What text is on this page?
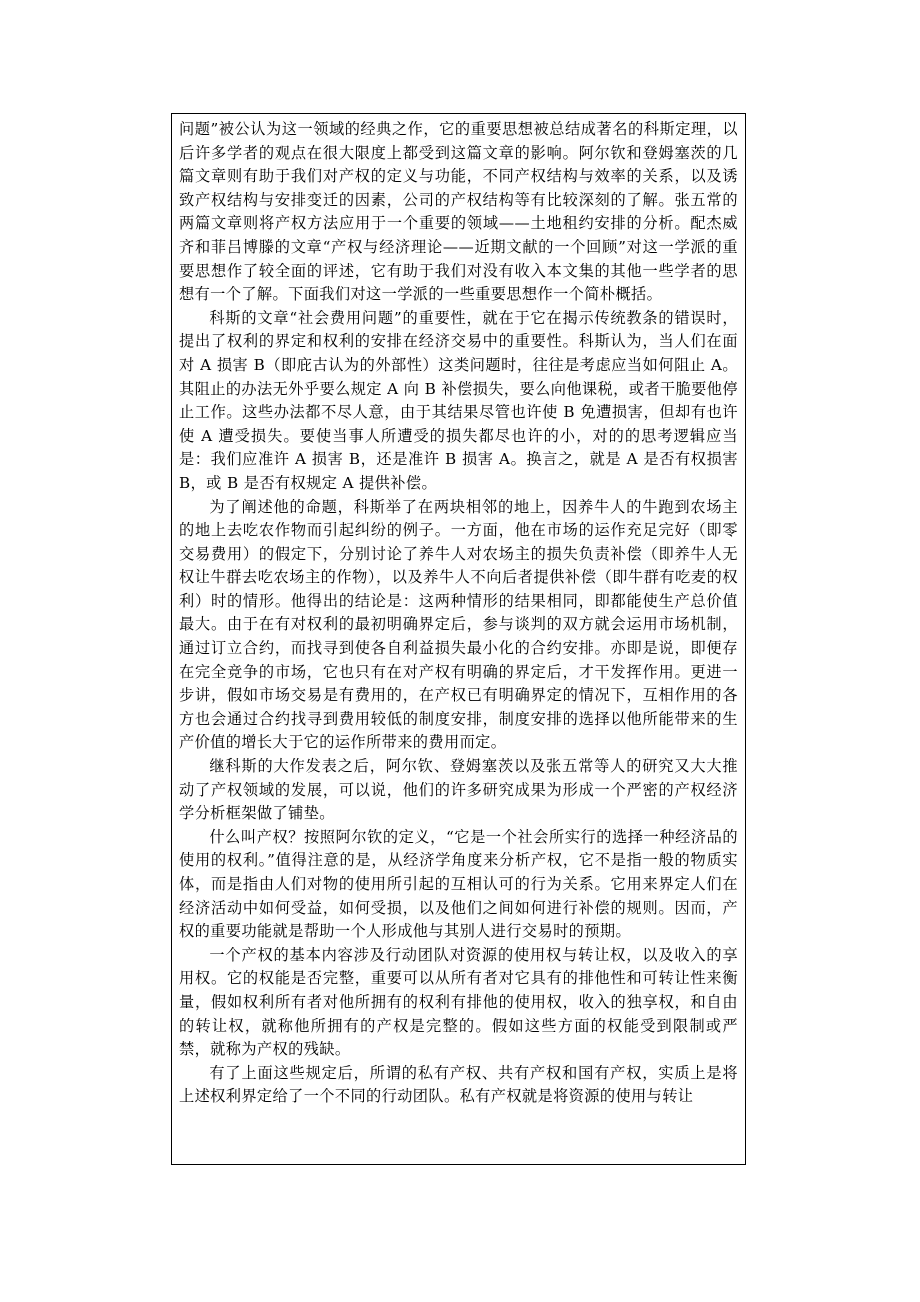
问题”被公认为这一领域的经典之作，它的重要思想被总结成著名的科斯定理，以后许多学者的观点在很大限度上都受到这篇文章的影响。阿尔钦和登姆塞茨的几篇文章则有助于我们对产权的定义与功能，不同产权结构与效率的关系，以及诱致产权结构与安排变迁的因素，公司的产权结构等有比较深刻的了解。张五常的两篇文章则将产权方法应用于一个重要的领域——土地租约安排的分析。配杰威齐和菲吕博滕的文章“产权与经济理论——近期文献的一个回顾”对这一学派的重要思想作了较全面的评述，它有助于我们对没有收入本文集的其他一些学者的思想有一个了解。下面我们对这一学派的一些重要思想作一个简朴概括。

科斯的文章“社会费用问题”的重要性，就在于它在揭示传统教条的错误时，提出了权利的界定和权利的安排在经济交易中的重要性。科斯认为，当人们在面对 A 损害 B（即庇古认为的外部性）这类问题时，往往是考虑应当如何阻止 A。其阻止的办法无外乎要么规定 A 向 B 补偿损失，要么向他课税，或者干脆要他停止工作。这些办法都不尽人意，由于其结果尽管也许使 B 免遭损害，但却有也许使 A 遭受损失。要使当事人所遭受的损失都尽也许的小，对的的思考逻辑应当是：我们应准许 A 损害 B，还是准许 B 损害 A。换言之，就是 A 是否有权损害 B，或 B 是否有权规定 A 提供补偿。

为了阐述他的命题，科斯举了在两块相邻的地上，因养牛人的牛跑到农场主的地上去吃农作物而引起纠纷的例子。一方面，他在市场的运作充足完好（即零交易费用）的假定下，分别讨论了养牛人对农场主的损失负责补偿（即养牛人无权让牛群去吃农场主的作物），以及养牛人不向后者提供补偿（即牛群有吃麦的权利）时的情形。他得出的结论是：这两种情形的结果相同，即都能使生产总价值最大。由于在有对权利的最初明确界定后，参与谈判的双方就会运用市场机制，通过订立合约，而找寻到使各自利益损失最小化的合约安排。亦即是说，即便存在完全竞争的市场，它也只有在对产权有明确的界定后，才干发挥作用。更进一步讲，假如市场交易是有费用的，在产权已有明确界定的情况下，互相作用的各方也会通过合约找寻到费用较低的制度安排，制度安排的选择以他所能带来的生产价值的增长大于它的运作所带来的费用而定。

继科斯的大作发表之后，阿尔钦、登姆塞茨以及张五常等人的研究又大大推动了产权领域的发展，可以说，他们的许多研究成果为形成一个严密的产权经济学分析框架做了铺垫。

什么叫产权？按照阿尔钦的定义，“它是一个社会所实行的选择一种经济品的使用的权利。”值得注意的是，从经济学角度来分析产权，它不是指一般的物质实体，而是指由人们对物的使用所引起的互相认可的行为关系。它用来界定人们在经济活动中如何受益，如何受损，以及他们之间如何进行补偿的规则。因而，产权的重要功能就是帮助一个人形成他与其别人进行交易时的预期。

一个产权的基本内容涉及行动团队对资源的使用权与转让权，以及收入的享用权。它的权能是否完整，重要可以从所有者对它具有的排他性和可转让性来衡量，假如权利所有者对他所拥有的权利有排他的使用权，收入的独享权，和自由的转让权，就称他所拥有的产权是完整的。假如这些方面的权能受到限制或严禁，就称为产权的残缺。

有了上面这些规定后，所谓的私有产权、共有产权和国有产权，实质上是将上述权利界定给了一个不同的行动团队。私有产权就是将资源的使用与转让
